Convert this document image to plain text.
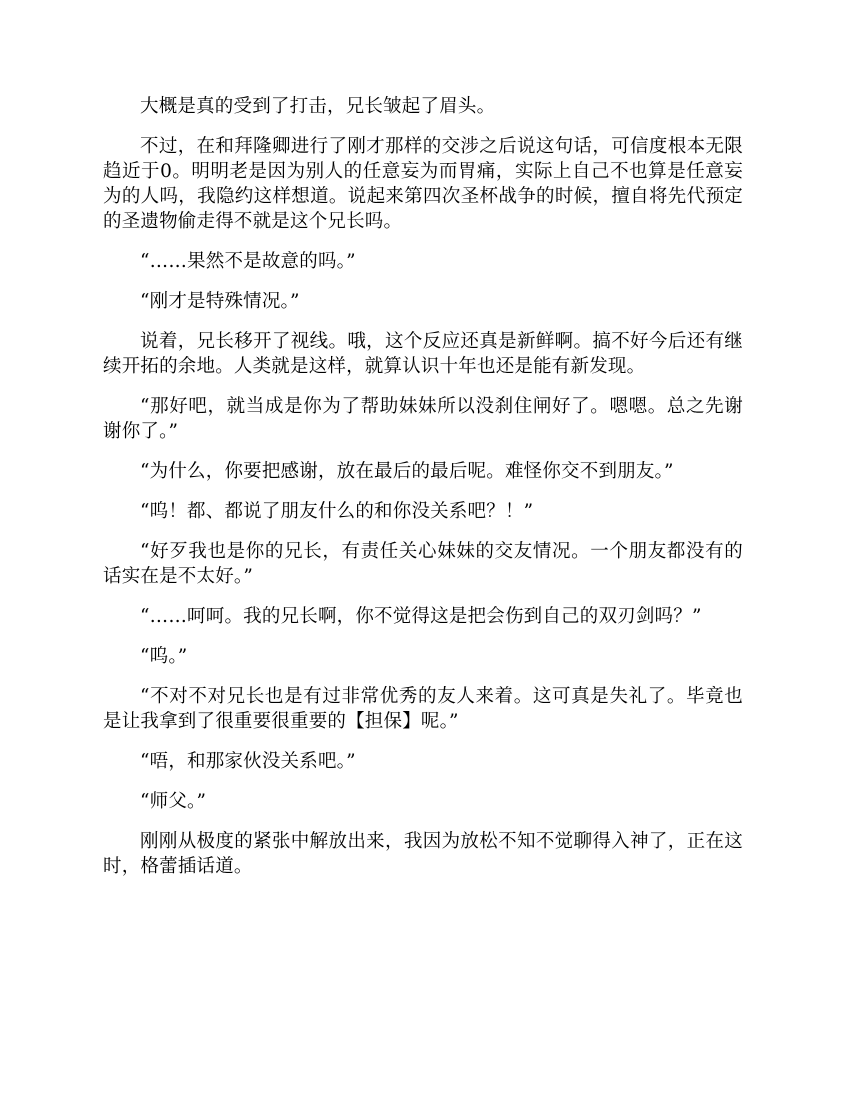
大概是真的受到了打击，兄长皱起了眉头。

不过，在和拜隆卿进行了刚才那样的交涉之后说这句话，可信度根本无限趋近于0。明明老是因为别人的任意妄为而胃痛，实际上自己不也算是任意妄为的人吗，我隐约这样想道。说起来第四次圣杯战争的时候，擅自将先代预定的圣遗物偷走得不就是这个兄长吗。

“……果然不是故意的吗。”

“刚才是特殊情况。”

说着，兄长移开了视线。哦，这个反应还真是新鲜啊。搞不好今后还有继续开拓的余地。人类就是这样，就算认识十年也还是能有新发现。

“那好吧，就当成是你为了帮助妹妹所以没刹住闸好了。嗯嗯。总之先谢谢你了。”

“为什么，你要把感谢，放在最后的最后呢。难怪你交不到朋友。”

“呜！都、都说了朋友什么的和你没关系吧？！”

“好歹我也是你的兄长，有责任关心妹妹的交友情况。一个朋友都没有的话实在是不太好。”

“……呵呵。我的兄长啊，你不觉得这是把会伤到自己的双刃剑吗？”

“呜。”

“不对不对兄长也是有过非常优秀的友人来着。这可真是失礼了。毕竟也是让我拿到了很重要很重要的【担保】呢。”

“唔，和那家伙没关系吧。”

“师父。”

刚刚从极度的紧张中解放出来，我因为放松不知不觉聊得入神了，正在这时，格蕾插话道。
